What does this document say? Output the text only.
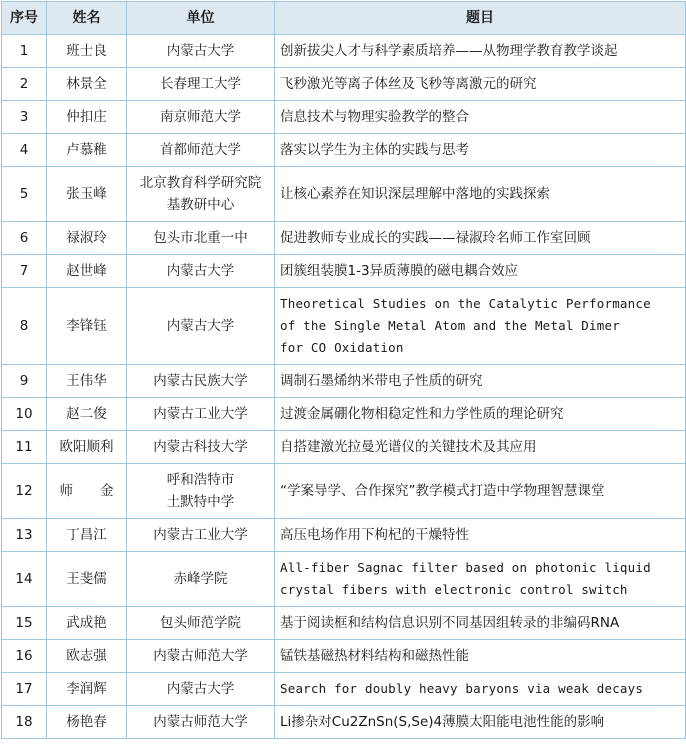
序号	姓名	单位	题目
1	班士良	内蒙古大学	创新拔尖人才与科学素质培养——从物理学教育教学谈起

2	林景全	长春理工大学	飞秒激光等离子体丝及飞秒等离激元的研究

3	仲扣庄	南京师范大学	信息技术与物理实验教学的整合

4	卢慕稚	首都师范大学	落实以学生为主体的实践与思考

5	张玉峰	北京教育科学研究院
基教研中心	让核心素养在知识深层理解中落地的实践探索

6	禄淑玲	包头市北重一中	促进教师专业成长的实践——禄淑玲名师工作室回顾

7	赵世峰	内蒙古大学	团簇组装膜1-3异质薄膜的磁电耦合效应

8	李锋钰	内蒙古大学	Theoretical Studies on the Catalytic Performance
of the Single Metal Atom and the Metal Dimer
for CO Oxidation

9	王伟华	内蒙古民族大学	调制石墨烯纳米带电子性质的研究

10	赵二俊	内蒙古工业大学	过渡金属硼化物相稳定性和力学性质的理论研究

11	欧阳顺利	内蒙古科技大学	自搭建激光拉曼光谱仪的关键技术及其应用

12	师　　金	呼和浩特市
土默特中学	“学案导学、合作探究”教学模式打造中学物理智慧课堂

13	丁昌江	内蒙古工业大学	高压电场作用下枸杞的干燥特性

14	王斐儒	赤峰学院	All-fiber Sagnac filter based on photonic liquid
crystal fibers with electronic control switch

15	武成艳	包头师范学院	基于阅读框和结构信息识别不同基因组转录的非编码RNA

16	欧志强	内蒙古师范大学	锰铁基磁热材料结构和磁热性能

17	李润辉	内蒙古大学	Search for doubly heavy baryons via weak decays

18	杨艳春	内蒙古师范大学	Li掺杂对Cu2ZnSn(S,Se)4薄膜太阳能电池性能的影响
